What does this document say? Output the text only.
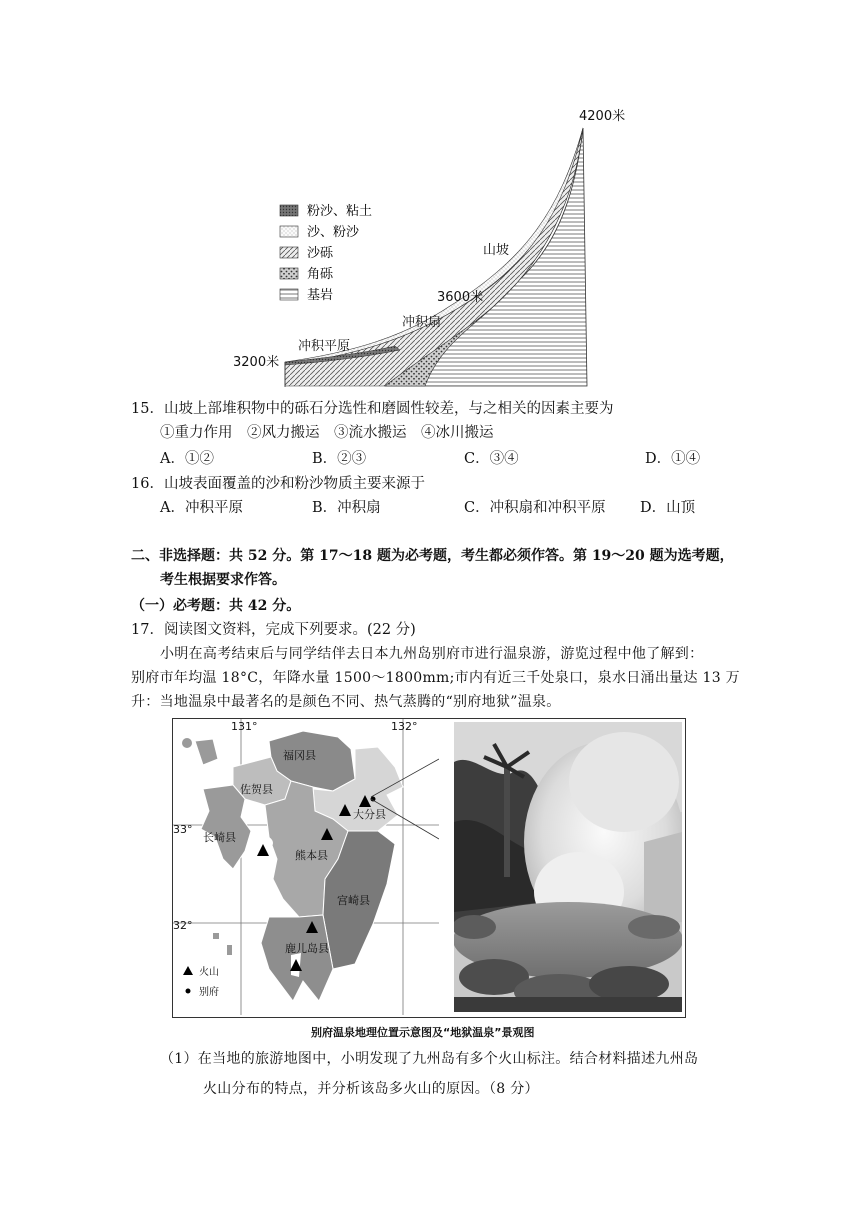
4200米
3200米
3600米
山坡
冲积扇
冲积平原
粉沙、粘土
沙、粉沙
沙砾
角砾
基岩
15．山坡上部堆积物中的砾石分选性和磨圆性较差，与之相关的因素主要为
①重力作用　②风力搬运　③流水搬运　④冰川搬运
A．①②	B．②③	C．③④	D．①④
16．山坡表面覆盖的沙和粉沙物质主要来源于
A．冲积平原	B．冲积扇	C．冲积扇和冲积平原 D．山顶
二、非选择题：共 52 分。第 17～18 题为必考题，考生都必须作答。第 19～20 题为选考题，
考生根据要求作答。
（一）必考题：共 42 分。
17．阅读图文资料，完成下列要求。(22 分)
小明在高考结束后与同学结伴去日本九州岛别府市进行温泉游，游览过程中他了解到：
别府市年均温 18°C，年降水量 1500～1800mm;市内有近三千处泉口，泉水日涌出量达 13 万
升：当地温泉中最著名的是颜色不同、热气蒸腾的“别府地狱”温泉。
131°	132°
33°
32°
福冈县
佐贺县
长崎县
熊本县
大分县
宫崎县
鹿儿岛县
火山
别府
别府温泉地理位置示意图及“地狱温泉”景观图
（1）在当地的旅游地图中，小明发现了九州岛有多个火山标注。结合材料描述九州岛
火山分布的特点，并分析该岛多火山的原因。（8 分）
